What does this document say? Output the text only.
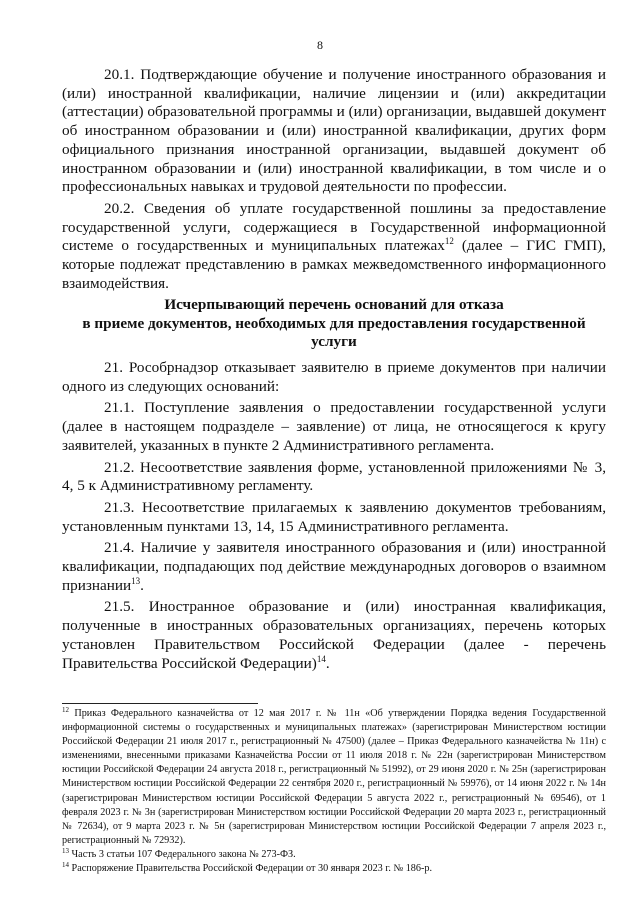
8

20.1. Подтверждающие обучение и получение иностранного образования и (или) иностранной квалификации, наличие лицензии и (или) аккредитации (аттестации) образовательной программы и (или) организации, выдавшей документ об иностранном образовании и (или) иностранной квалификации, других форм официального признания иностранной организации, выдавшей документ об иностранном образовании и (или) иностранной квалификации, в том числе и о профессиональных навыках и трудовой деятельности по профессии.

20.2. Сведения об уплате государственной пошлины за предоставление государственной услуги, содержащиеся в Государственной информационной системе о государственных и муниципальных платежах$^{12}$ (далее – ГИС ГМП), которые подлежат представлению в рамках межведомственного информационного взаимодействия.

Исчерпывающий перечень оснований для отказа
в приеме документов, необходимых для предоставления государственной услуги

21. Рособрнадзор отказывает заявителю в приеме документов при наличии одного из следующих оснований:

21.1. Поступление заявления о предоставлении государственной услуги (далее в настоящем подразделе – заявление) от лица, не относящегося к кругу заявителей, указанных в пункте 2 Административного регламента.

21.2. Несоответствие заявления форме, установленной приложениями № 3, 4, 5 к Административному регламенту.

21.3. Несоответствие прилагаемых к заявлению документов требованиям, установленным пунктами 13, 14, 15 Административного регламента.

21.4. Наличие у заявителя иностранного образования и (или) иностранной квалификации, подпадающих под действие международных договоров о взаимном признании$^{13}$.

21.5. Иностранное образование и (или) иностранная квалификация, полученные в иностранных образовательных организациях, перечень которых установлен Правительством Российской Федерации (далее - перечень Правительства Российской Федерации)$^{14}$.

$^{12}$ Приказ Федерального казначейства от 12 мая 2017 г. № 11н «Об утверждении Порядка ведения Государственной информационной системы о государственных и муниципальных платежах» (зарегистрирован Министерством юстиции Российской Федерации 21 июля 2017 г., регистрационный № 47500) (далее – Приказ Федерального казначейства № 11н) с изменениями, внесенными приказами Казначейства России от 11 июля 2018 г. № 22н (зарегистрирован Министерством юстиции Российской Федерации 24 августа 2018 г., регистрационный № 51992), от 29 июня 2020 г. № 25н (зарегистрирован Министерством юстиции Российской Федерации 22 сентября 2020 г., регистрационный № 59976), от 14 июня 2022 г. № 14н (зарегистрирован Министерством юстиции Российской Федерации 5 августа 2022 г., регистрационный № 69546), от 1 февраля 2023 г. № 3н (зарегистрирован Министерством юстиции Российской Федерации 20 марта 2023 г., регистрационный № 72634), от 9 марта 2023 г. № 5н (зарегистрирован Министерством юстиции Российской Федерации 7 апреля 2023 г., регистрационный № 72932).

$^{13}$ Часть 3 статьи 107 Федерального закона № 273-ФЗ.

$^{14}$ Распоряжение Правительства Российской Федерации от 30 января 2023 г. № 186-р.
